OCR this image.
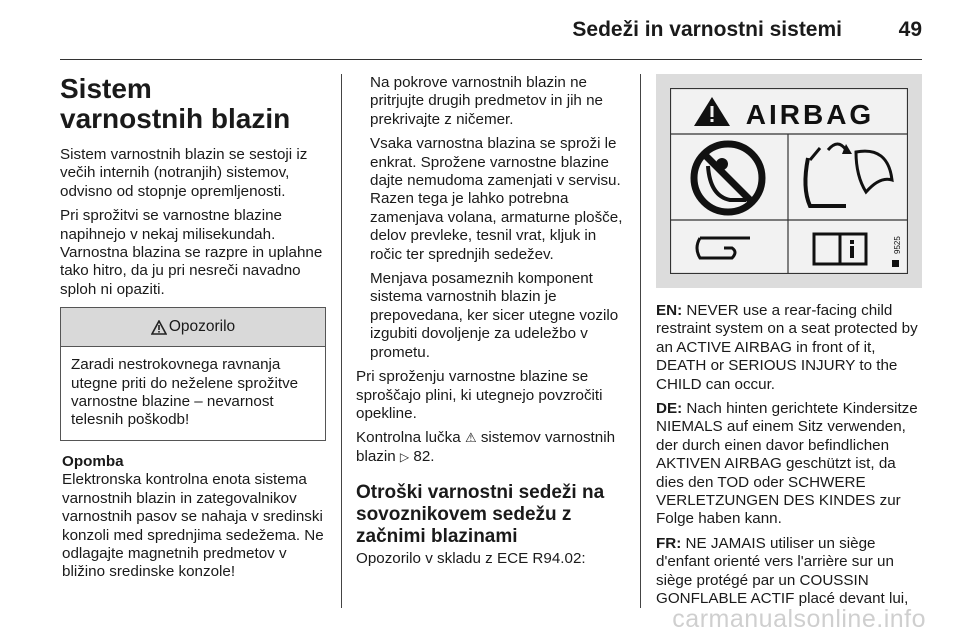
Sedeži in varnostni sistemi	49
Sistem varnostnih blazin

Sistem varnostnih blazin se sestoji iz večih internih (notranjih) sistemov, odvisno od stopnje opremljenosti.

Pri sprožitvi se varnostne blazine napihnejo v nekaj milisekundah. Varnostna blazina se razpre in uplahne tako hitro, da ju pri nesreči navadno sploh ni opaziti.

Opozorilo
Zaradi nestrokovnega ravnanja utegne priti do neželene sprožitve varnostne blazine – nevarnost telesnih poškodb!
Opomba
Elektronska kontrolna enota sistema varnostnih blazin in zategovalnikov varnostnih pasov se nahaja v sredinski konzoli med sprednjima sedežema. Ne odlagajte magnetnih predmetov v bližino sredinske konzole!

Na pokrove varnostnih blazin ne pritrjujte drugih predmetov in jih ne prekrivajte z ničemer.

Vsaka varnostna blazina se sproži le enkrat. Sprožene varnostne blazine dajte nemudoma zamenjati v servisu. Razen tega je lahko potrebna zamenjava volana, armaturne plošče, delov prevleke, tesnil vrat, kljuk in ročic ter sprednjih sedežev.

Menjava posameznih komponent sistema varnostnih blazin je prepovedana, ker sicer utegne vozilo izgubiti dovoljenje za udeležbo v prometu.

Pri sproženju varnostne blazine se sproščajo plini, ki utegnejo povzročiti opekline.

Kontrolna lučka ⚠ sistemov varnostnih blazin ▷ 82.

Otroški varnostni sedeži na sovoznikovem sedežu z začnimi blazinami

Opozorilo v skladu z ECE R94.02:

AIRBAG
9525

EN: NEVER use a rear-facing child restraint system on a seat protected by an ACTIVE AIRBAG in front of it, DEATH or SERIOUS INJURY to the CHILD can occur.

DE: Nach hinten gerichtete Kindersitze NIEMALS auf einem Sitz verwenden, der durch einen davor befindlichen AKTIVEN AIRBAG geschützt ist, da dies den TOD oder SCHWERE VERLETZUNGEN DES KINDES zur Folge haben kann.

FR: NE JAMAIS utiliser un siège d'enfant orienté vers l'arrière sur un siège protégé par un COUSSIN GONFLABLE ACTIF placé devant lui,

carmanualsonline.info
